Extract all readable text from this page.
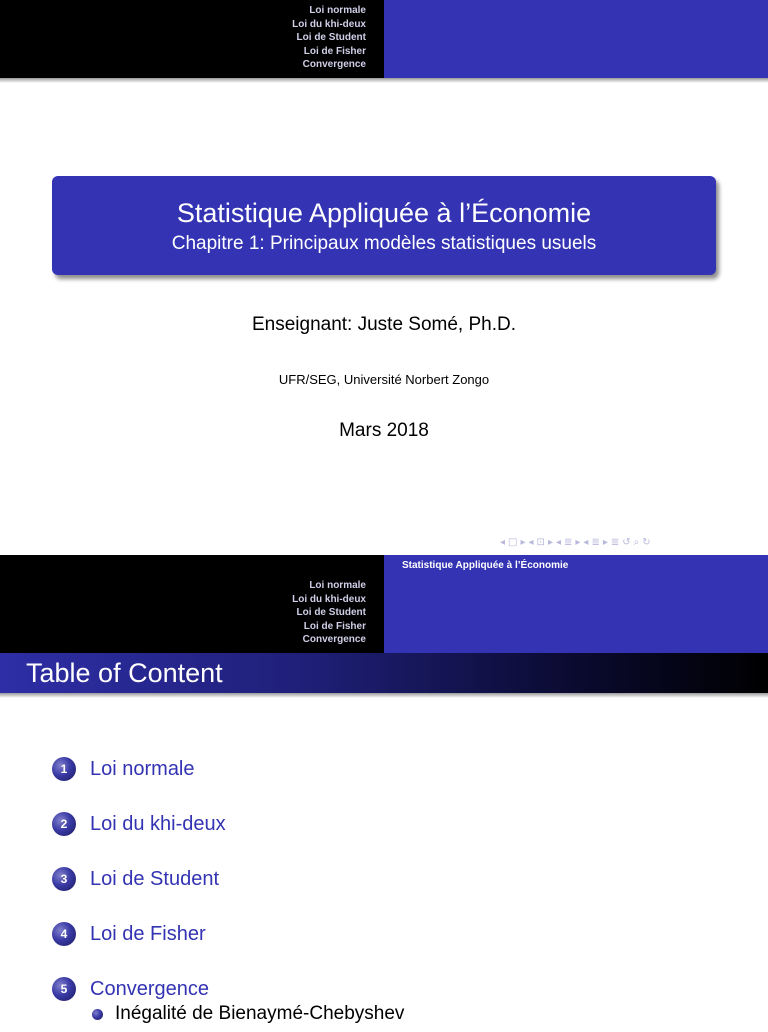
Loi normale
Loi du khi-deux
Loi de Student
Loi de Fisher
Convergence
Statistique Appliquée à l’Économie
Chapitre 1: Principaux modèles statistiques usuels
Enseignant: Juste Somé, Ph.D.
UFR/SEG, Université Norbert Zongo
Mars 2018
◂ □ ▸ ◂ ⊡ ▸ ◂ ≣ ▸ ◂ ≣ ▸ ≣ ↺ ⌕ ↻
Loi normale
Loi du khi-deux
Loi de Student
Loi de Fisher
Convergence
Statistique Appliquée à l’Économie
Table of Content
1	Loi normale
2	Loi du khi-deux
3	Loi de Student
4	Loi de Fisher
5	Convergence
Inégalité de Bienaymé-Chebyshev
